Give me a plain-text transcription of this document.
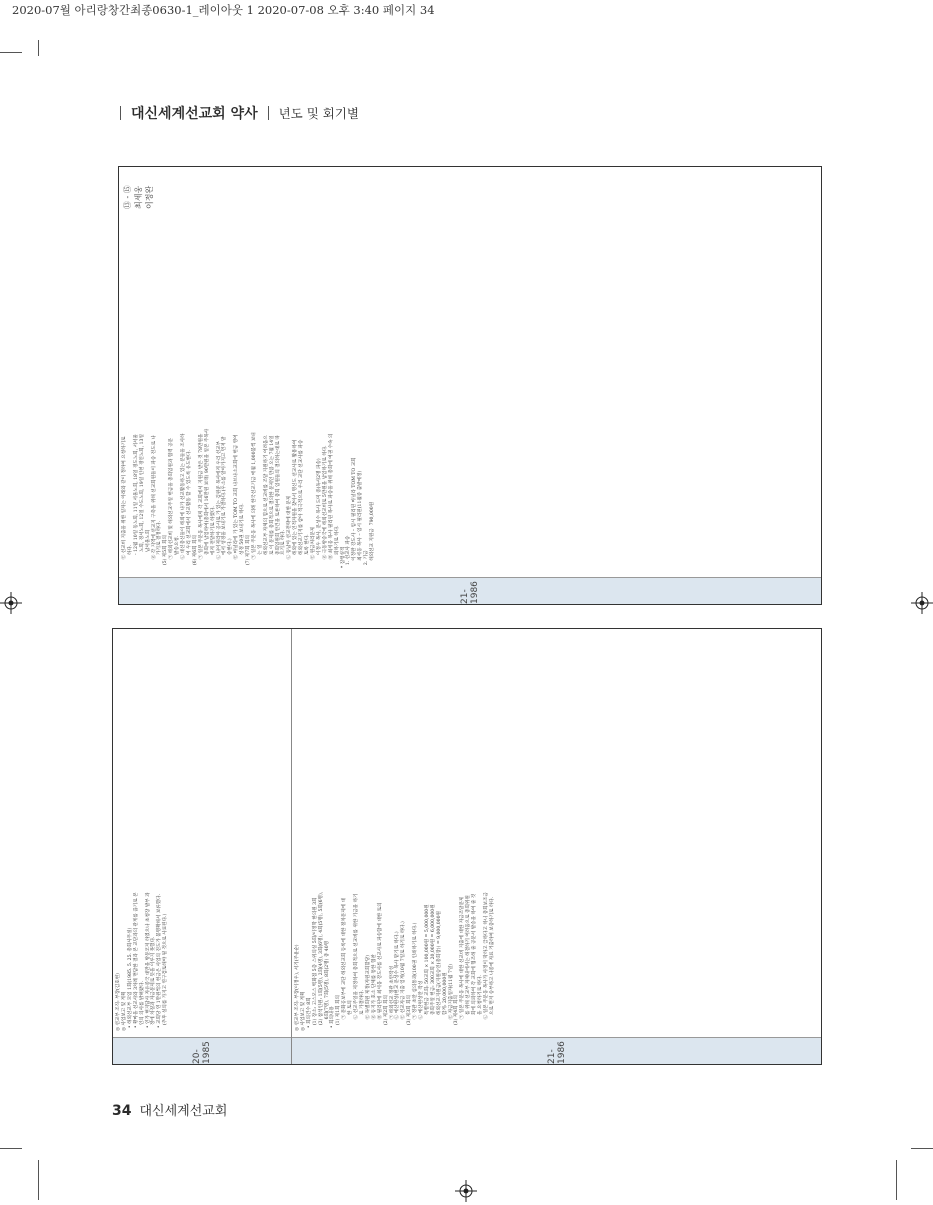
2020-07월 아리랑창간최종0630-1_레이아웃 1 2020-07-08 오후 3:40 페이지 34
대신세계선교회 약사 년도 및 회기별
21-1986
㉢ 선교비 지출을 위한 일자는 아래와 같이 정하여 요청하기로 하다. - 12월 10일 동노회, 11일 서울노회, 18일 경도노회, 서서울 노회, 경서노회, 12일 수도노회, 19일 인천 경인노회, 13일 남서울노회 ㉣ 각 지역에 선교지 구축을 위해 선교회원들이 파송 전도로 나 가기로 결정하다. (5) 제5회 회의 ㉠ 해외선교비 및 해외선교주일 헌금을 총회임원과 협력 공문 발송요청. ㉡ 대신총신들이 해외에 나가 선교활동하고 있는 분들을 조사하 여 우리 선교회에서 선교활동 할 수 있도록 유도한다. (6) 제6회 회의 ㉠ 일본 주문웅 목사에게 각 교회에서 지원금 받은 것 78만원을 총회에 납입하여(총회에서 16만원 보태) 90만원을 일본 주목사 에게 전달하기로 하였다. ㉡ 나이제리아 공사로 가 있는 김원준 목사에게 우리 선교부 에서 성경을 보내기로 가결하다.(우소를 알아가지고 먼저 말 송한다.) ㉢ 마닐라에 가 있는 TOM TO 교회 나브나소교회에 헌금 영어 성경 50권 보내기로 하다. (7) 제7회 회의 ㉠ 일본 주문웅 목사에 의해 한국선교기금 매월 1,000불씩 보내 는 일 해외선교부 자체의 힘으로 선교비를 조달 지원하기 어려움으 로 이 문제를 총회적으로 결의한 문제인 만큼 오는 7월 14일 총회임원회 안건을 토론하여 총회 임원들의 결의하는대로 따 르기로 하다. ㉡ 동남아 선교전략에 대한 문제 해외에 있는 인적자원을 찾아서 명신도 선교사로 활용하여 해외선교기지를 삼아 적극적으로 우리 교단 선교사를 파송 토록 한다. ㉢ 원금처리문제 이정우 목사, 문성수 목사 도미 중(독사2명 파송) ㉣ 극동방송국에 해외선교비로 5만원을 납입하기로 하다. ㉤ 최세웅 목사 필리핀 목사로 파송을 위해 총회에 여권 수속 의 뢰하기로 하다. * 집행실적 1. 선교사 파송 이정완 강도사 – 임시 필리핀 마닐라 TOM TO 교회 최세웅 목사 – 임시 필리핀(11월중 출발예정) 2. 기금 해외선교 지원금  790,000원
⑬ - ⑮
최세웅
이정완
20-1985
◎ 선교부 조직: 부장(김호현) ◎ 사업보고 및 계획 • 해외선교부 모임 1회(1985. 5. 25. 총회사무실) • 황마을 선교사와 3차례 면담한 결과 본 교단과의 관계를 끊기로 본 인의 의사를 밝혀왔다. • 인가 현지답사 자유중국 대만을 방문코져 하였으나 초청장 발부 과 정에 차질과 자금문제로 뜻을 이루지 못했다. • 교회당 연 1만원씩의 헌금은 사업의 진도가 불명확해서 보류했다. (추후 실의를 가지고 연구검토해야 될 것으로 사료된다.)
21-1986
◎ 선교부 조직: 부장(이정우), 서기(주윤순) ◎ 사업보고 및 계획 • 회의건수 8회 (1) 장소: 고스모스 백화점 5층 스위의실 5회/이정학 한의원 3회 (2) 참석인원: 1회(5명), 2회(4명), 3회(6명), 4회(5명), 5회(6명), 6회(7명), 7회(5명), 8회(2명) 총 40명 • 회의내용 (1) 제1회 회의 ㉠ 문화공보부에 교단 해외선교회 등록에 대한 절차문제에 대 한 토의 ㉡ 선교주일을 제정하여 총회적으로 선교비를 위한 기금을 하기 로 가결하다. ㉢ 독별회원 제정(자원교회할당) ㉣ 동지가 호소 단체를 통한 협찬 ㉤ 필리핀에 최세웅 강도사를 선교사로 파송함에 대한 토의 (2) 제2회 회의 ㉠ 해외선교 정관 초안작성 ㉡ 예산편성(헌교 문성수 목사 맡기로 하다.) ㉢ 선교자금 지출 입계(10월 7일로 하기로 하다.) (3) 제3회 회의 ㉠ 정관 초안 심의통과(100권 인쇄하기로 하다.) ㉡ 예산편성안 작성 특별헌금 교회: 50교회 × 100,000원 = 5,000,000원 총회주일 헌금: 300교회 × 20,000원 = 6,000,000원 해외선교지원금(지원승인(총회장)) = 9,000,000원 합계: 20,000,000원 ㉢ 자금지출일자(11월 7일) (3) 제4회 회의 ㉠ 일본 주문웅 목사에 대한 선교비 지출에 대한 자금조달문제 를 위해 선교부 자체내에서는 해결하기 어려움으로 총회위원 회에 의뢰하여 각 교회에 협조해 줄 공문서 발송을 하여 줄 것 을 요청하기로 하다. ㉡ 일본 주문웅 목사가 사정이 딱하고 급하다고 하니 총회보조금 으로 먼저 송부하고 나중에 자료 거출하여 보충하기로 하다.
34 대신세계선교회
